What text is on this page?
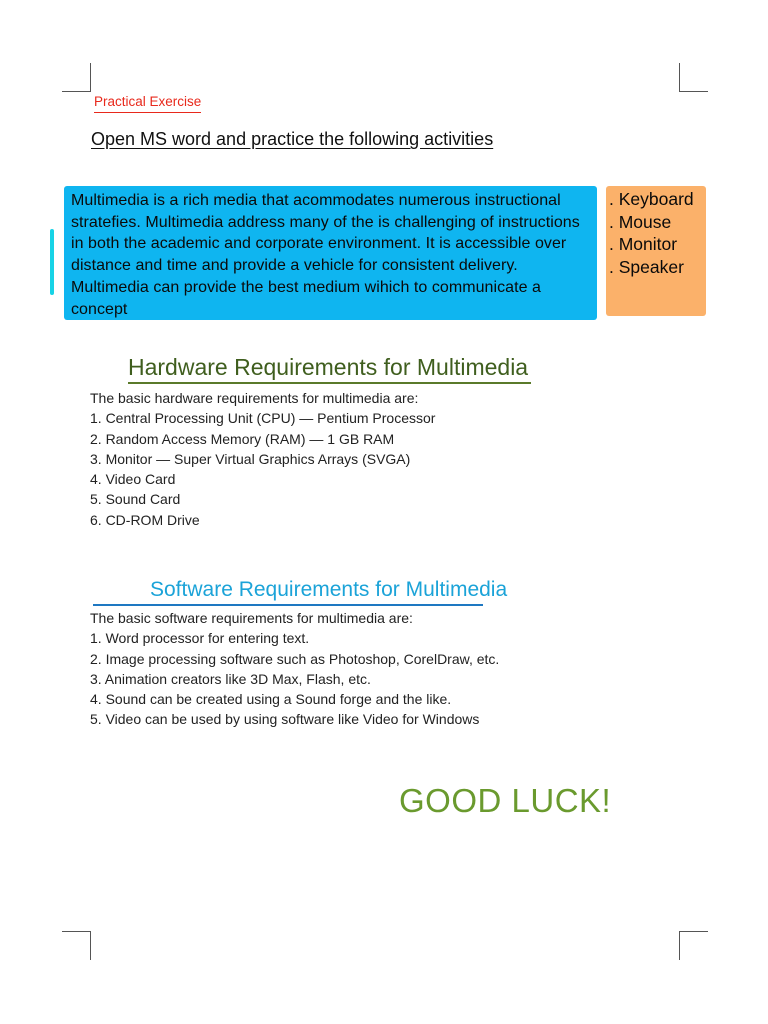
Practical Exercise
Open MS word and practice the following activities
Multimedia is a rich media that acommodates numerous instructional stratefies. Multimedia address many of the is challenging of instructions in both the academic and corporate environment. It is accessible over distance and time and provide a vehicle for consistent delivery. Multimedia can provide the best medium wihich to communicate a concept
. Keyboard
. Mouse
. Monitor
. Speaker
Hardware Requirements for Multimedia
The basic hardware requirements for multimedia are:
1. Central Processing Unit (CPU) — Pentium Processor
2. Random Access Memory (RAM) — 1 GB RAM
3. Monitor — Super Virtual Graphics Arrays (SVGA)
4. Video Card
5. Sound Card
6. CD-ROM Drive
Software Requirements for Multimedia
The basic software requirements for multimedia are:
1. Word processor for entering text.
2. Image processing software such as Photoshop, CorelDraw, etc.
3. Animation creators like 3D Max, Flash, etc.
4. Sound can be created using a Sound forge and the like.
5. Video can be used by using software like Video for Windows
GOOD LUCK!
